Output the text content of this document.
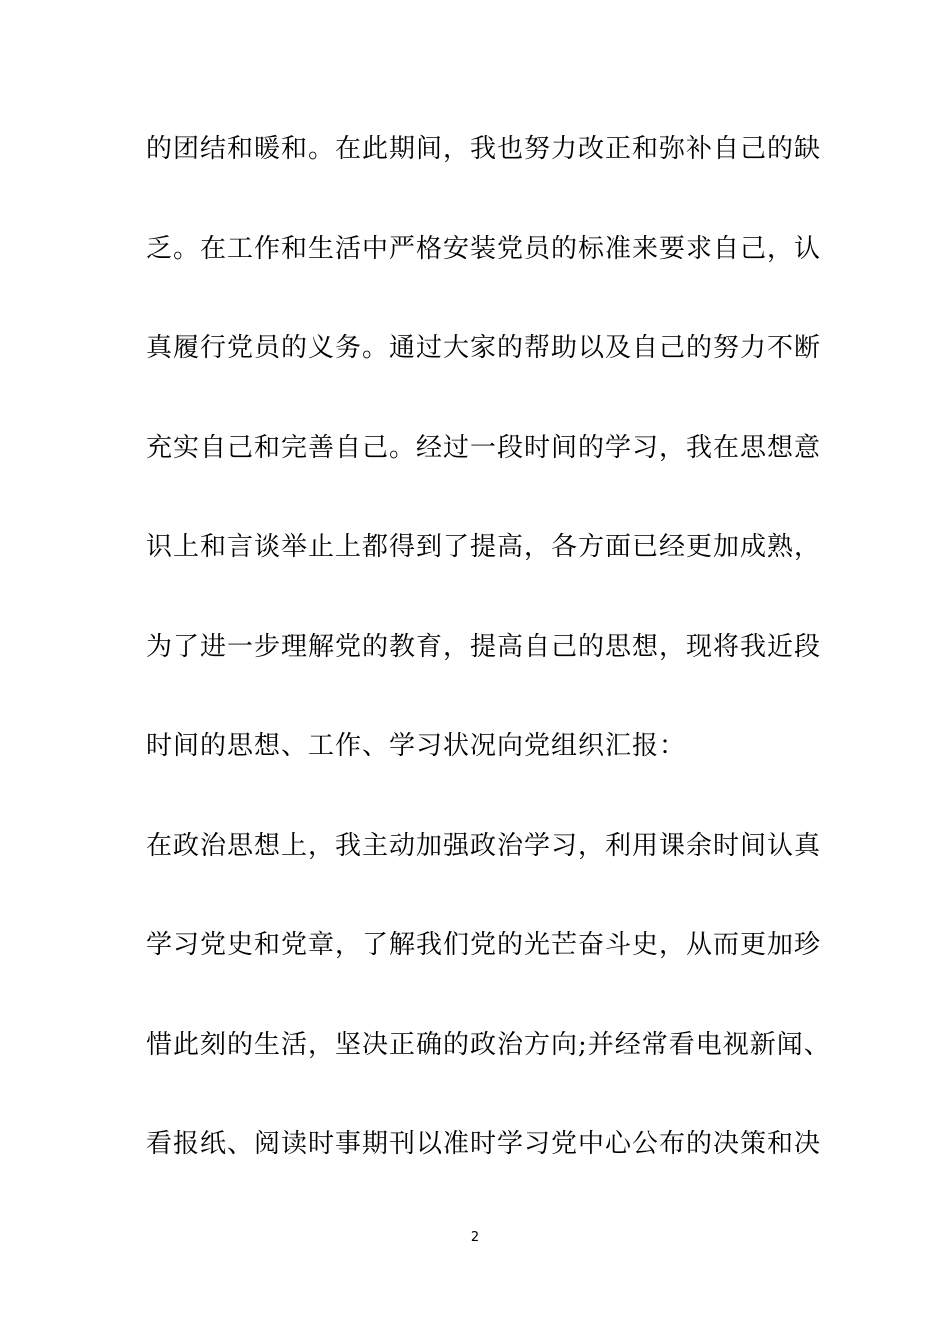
的团结和暖和。在此期间，我也努力改正和弥补自己的缺
乏。在工作和生活中严格安装党员的标准来要求自己，认
真履行党员的义务。通过大家的帮助以及自己的努力不断
充实自己和完善自己。经过一段时间的学习，我在思想意
识上和言谈举止上都得到了提高，各方面已经更加成熟，
为了进一步理解党的教育，提高自己的思想，现将我近段
时间的思想、工作、学习状况向党组织汇报：
在政治思想上，我主动加强政治学习，利用课余时间认真
学习党史和党章，了解我们党的光芒奋斗史，从而更加珍
惜此刻的生活，坚决正确的政治方向;并经常看电视新闻、
看报纸、阅读时事期刊以准时学习党中心公布的决策和决
2
